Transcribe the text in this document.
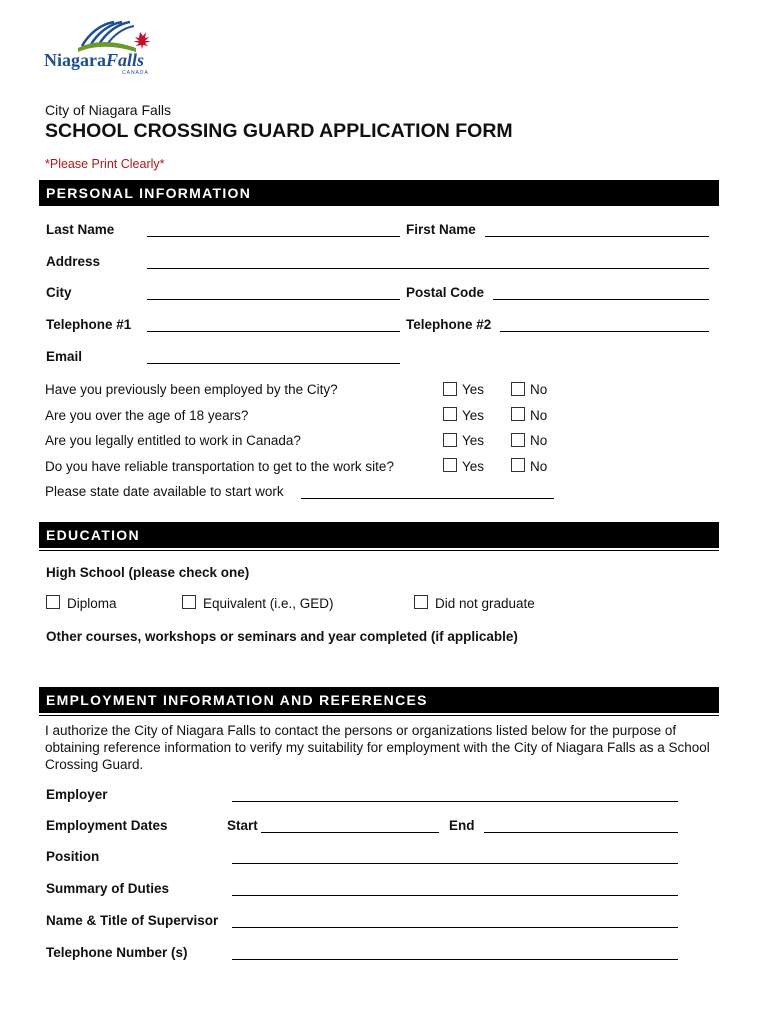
NiagaraFalls
CANADA
City of Niagara Falls
SCHOOL CROSSING GUARD APPLICATION FORM
*Please Print Clearly*
PERSONAL INFORMATION
Last Name	First Name
Address
City	Postal Code
Telephone #1	Telephone #2
Email
Have you previously been employed by the City?	Yes	No
Are you over the age of 18 years?	Yes	No
Are you legally entitled to work in Canada?	Yes	No
Do you have reliable transportation to get to the work site?	Yes	No
Please state date available to start work
EDUCATION
High School (please check one)
Diploma	Equivalent (i.e., GED)	Did not graduate
Other courses, workshops or seminars and year completed (if applicable)
EMPLOYMENT INFORMATION AND REFERENCES
I authorize the City of Niagara Falls to contact the persons or organizations listed below for the purpose of obtaining reference information to verify my suitability for employment with the City of Niagara Falls as a School Crossing Guard.
Employer
Employment Dates	Start	End
Position
Summary of Duties
Name & Title of Supervisor
Telephone Number (s)
